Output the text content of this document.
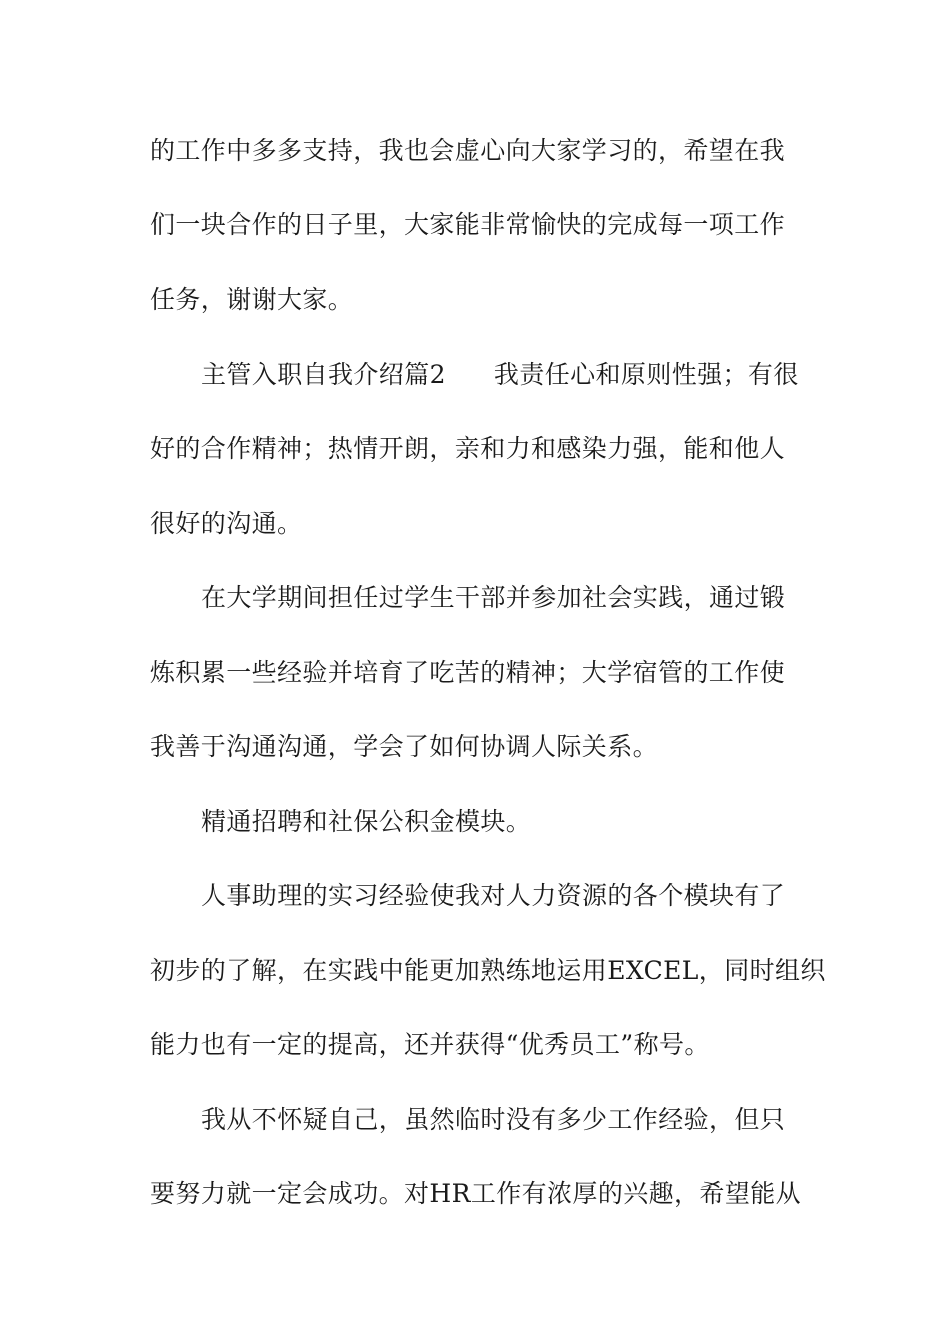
的工作中多多支持，我也会虚心向大家学习的，希望在我

们一块合作的日子里，大家能非常愉快的完成每一项工作

任务，谢谢大家。

主管入职自我介绍篇2 我责任心和原则性强；有很

好的合作精神；热情开朗，亲和力和感染力强，能和他人

很好的沟通。

在大学期间担任过学生干部并参加社会实践，通过锻

炼积累一些经验并培育了吃苦的精神；大学宿管的工作使

我善于沟通沟通，学会了如何协调人际关系。

精通招聘和社保公积金模块。

人事助理的实习经验使我对人力资源的各个模块有了

初步的了解，在实践中能更加熟练地运用EXCEL，同时组织

能力也有一定的提高，还并获得“优秀员工”称号。

我从不怀疑自己，虽然临时没有多少工作经验，但只

要努力就一定会成功。对HR工作有浓厚的兴趣，希望能从
